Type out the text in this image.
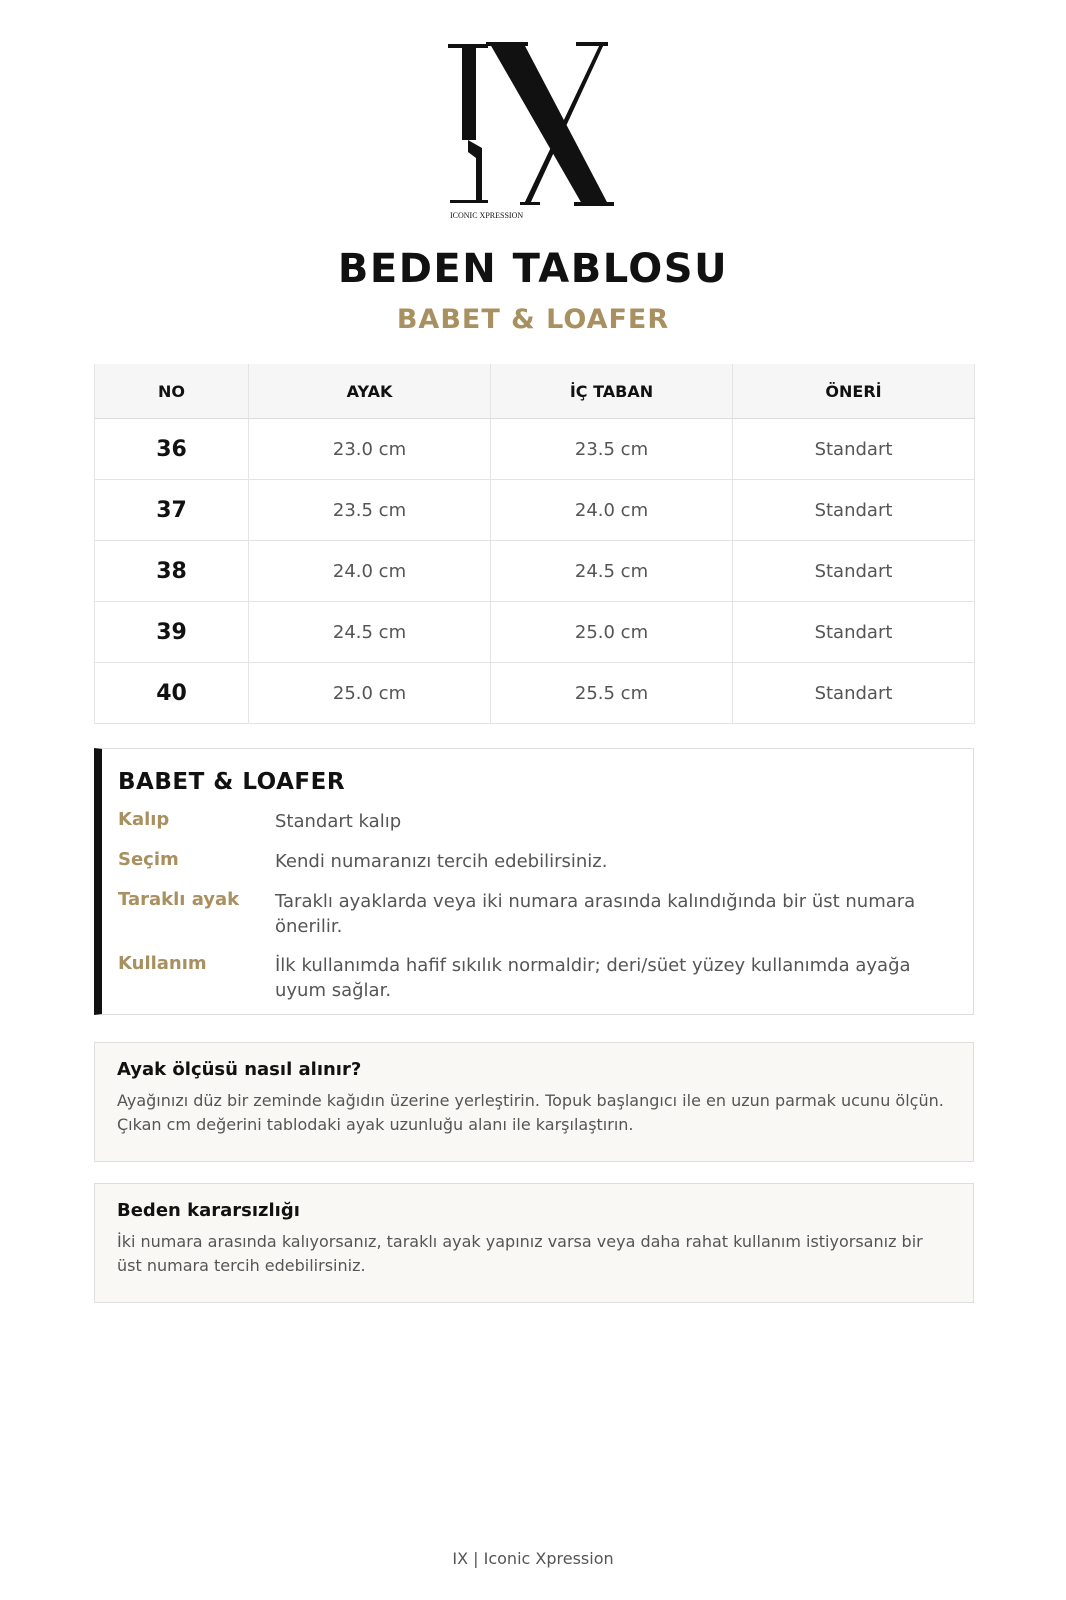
ICONIC XPRESSION
BEDEN TABLOSU
BABET & LOAFER
NO	AYAK	İÇ TABAN	ÖNERİ
36	23.0 cm	23.5 cm	Standart
37	23.5 cm	24.0 cm	Standart
38	24.0 cm	24.5 cm	Standart
39	24.5 cm	25.0 cm	Standart
40	25.0 cm	25.5 cm	Standart
BABET & LOAFER
Kalıp	Standart kalıp
Seçim	Kendi numaranızı tercih edebilirsiniz.
Taraklı ayak	Taraklı ayaklarda veya iki numara arasında kalındığında bir üst numara önerilir.
Kullanım	İlk kullanımda hafif sıkılık normaldir; deri/süet yüzey kullanımda ayağa uyum sağlar.
Ayak ölçüsü nasıl alınır?

Ayağınızı düz bir zeminde kağıdın üzerine yerleştirin. Topuk başlangıcı ile en uzun parmak ucunu ölçün. Çıkan cm değerini tablodaki ayak uzunluğu alanı ile karşılaştırın.

Beden kararsızlığı

İki numara arasında kalıyorsanız, taraklı ayak yapınız varsa veya daha rahat kullanım istiyorsanız bir üst numara tercih edebilirsiniz.

IX | Iconic Xpression
